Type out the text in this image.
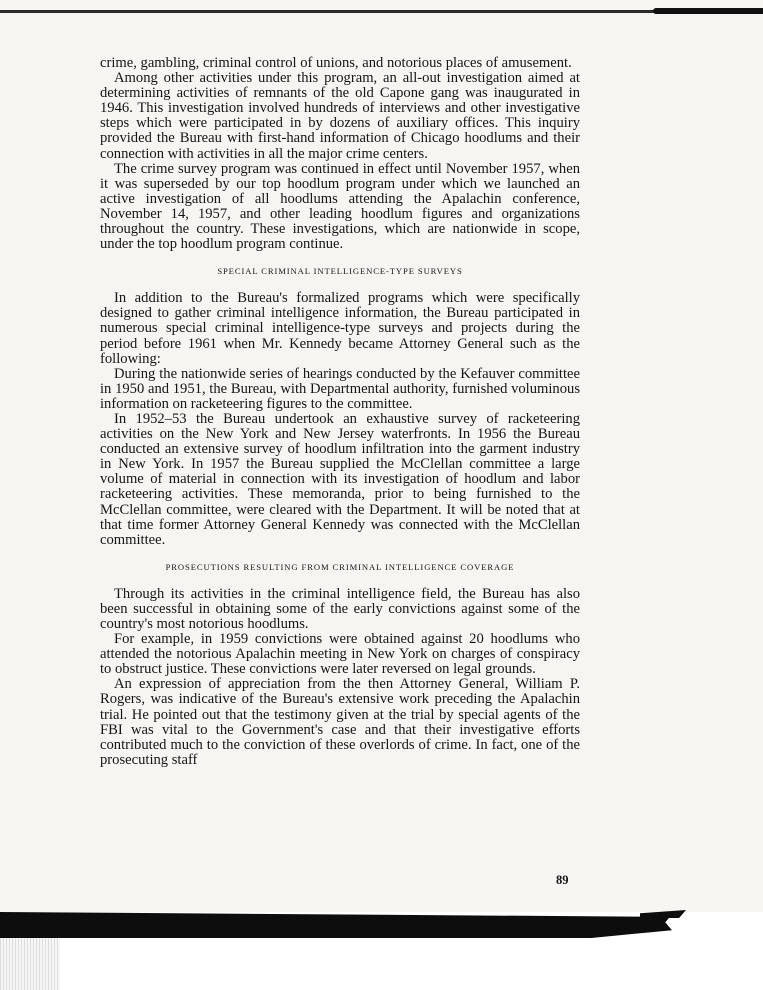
crime, gambling, criminal control of unions, and notorious places of amusement.

Among other activities under this program, an all-out investigation aimed at determining activities of remnants of the old Capone gang was inaugurated in 1946. This investigation involved hundreds of interviews and other investigative steps which were participated in by dozens of auxiliary offices. This inquiry provided the Bureau with first-hand information of Chicago hoodlums and their connection with activities in all the major crime centers.

The crime survey program was continued in effect until November 1957, when it was superseded by our top hoodlum program under which we launched an active investigation of all hoodlums attending the Apalachin conference, November 14, 1957, and other leading hoodlum figures and organizations throughout the country. These investigations, which are nationwide in scope, under the top hoodlum program continue.

SPECIAL CRIMINAL INTELLIGENCE-TYPE SURVEYS

In addition to the Bureau's formalized programs which were specifically designed to gather criminal intelligence information, the Bureau participated in numerous special criminal intelligence-type surveys and projects during the period before 1961 when Mr. Kennedy became Attorney General such as the following:

During the nationwide series of hearings conducted by the Kefauver committee in 1950 and 1951, the Bureau, with Departmental authority, furnished voluminous information on racketeering figures to the committee.

In 1952–53 the Bureau undertook an exhaustive survey of racketeering activities on the New York and New Jersey waterfronts. In 1956 the Bureau conducted an extensive survey of hoodlum infiltration into the garment industry in New York. In 1957 the Bureau supplied the McClellan committee a large volume of material in connection with its investigation of hoodlum and labor racketeering activities. These memoranda, prior to being furnished to the McClellan committee, were cleared with the Department. It will be noted that at that time former Attorney General Kennedy was connected with the McClellan committee.

PROSECUTIONS RESULTING FROM CRIMINAL INTELLIGENCE COVERAGE

Through its activities in the criminal intelligence field, the Bureau has also been successful in obtaining some of the early convictions against some of the country's most notorious hoodlums.

For example, in 1959 convictions were obtained against 20 hoodlums who attended the notorious Apalachin meeting in New York on charges of conspiracy to obstruct justice. These convictions were later reversed on legal grounds.

An expression of appreciation from the then Attorney General, William P. Rogers, was indicative of the Bureau's extensive work preceding the Apalachin trial. He pointed out that the testimony given at the trial by special agents of the FBI was vital to the Government's case and that their investigative efforts contributed much to the conviction of these overlords of crime. In fact, one of the prosecuting staff

89
